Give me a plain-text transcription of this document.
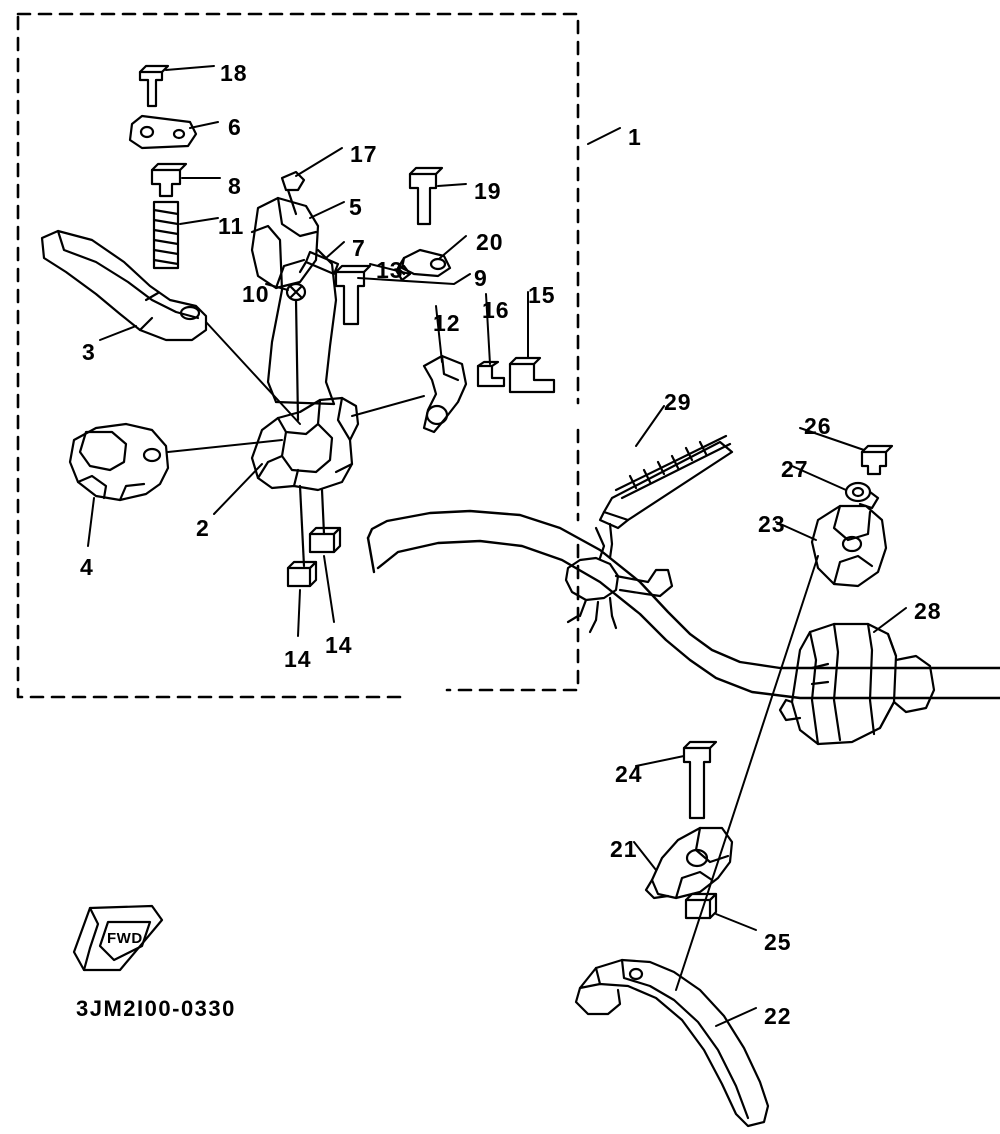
1
2
3
4
5
6
7
8
9
10
11
12
13
14
14
15
16
17
18
19
20
21
22
23
24
25
26
27
28
29
FWD
3JM2I00-0330
